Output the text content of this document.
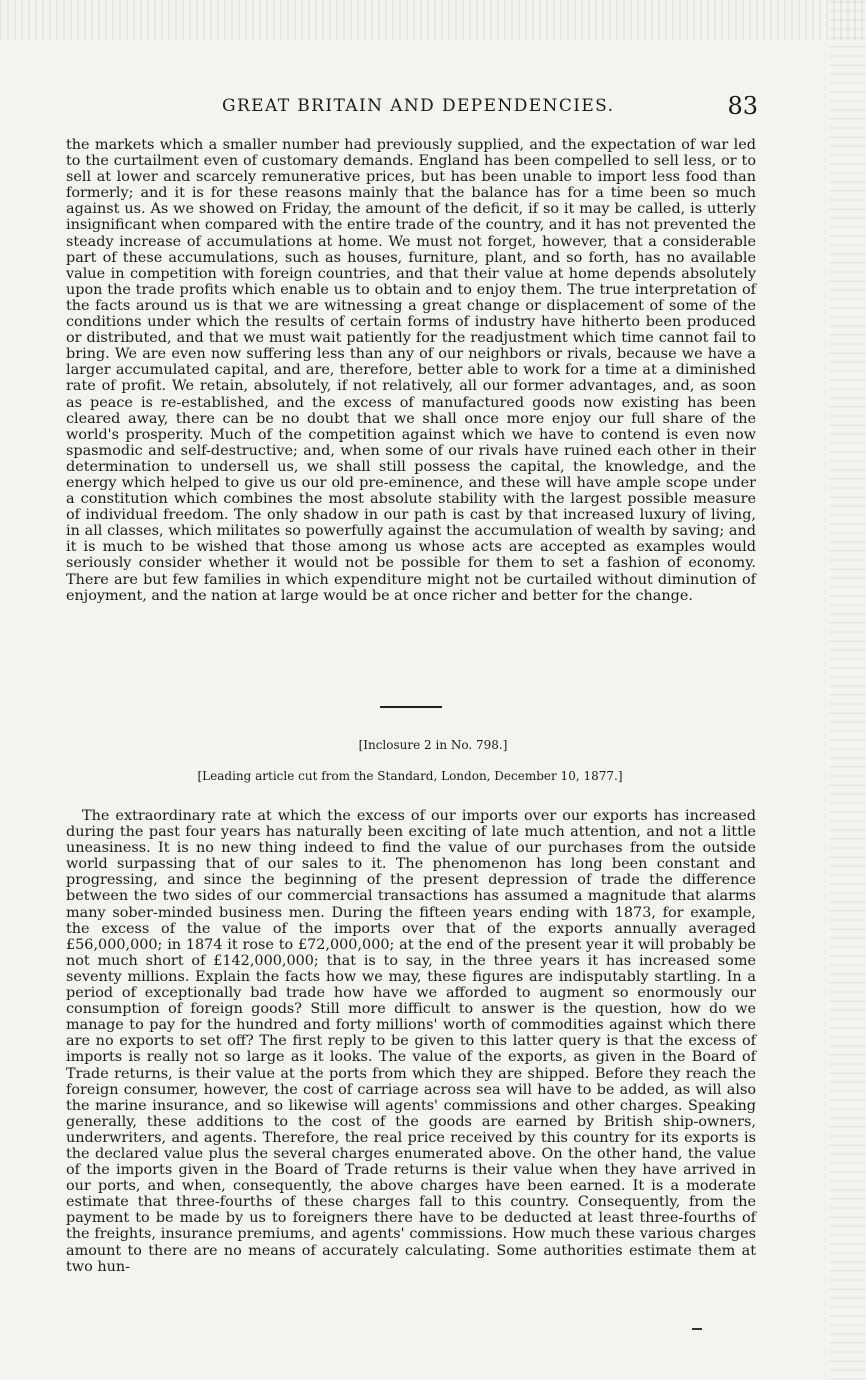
GREAT BRITAIN AND DEPENDENCIES.	83

the markets which a smaller number had previously supplied, and the expectation of war led to the curtailment even of customary demands. England has been compelled to sell less, or to sell at lower and scarcely remunerative prices, but has been unable to import less food than formerly; and it is for these reasons mainly that the balance has for a time been so much against us. As we showed on Friday, the amount of the deficit, if so it may be called, is utterly insignificant when compared with the entire trade of the country, and it has not prevented the steady increase of accumulations at home. We must not forget, however, that a considerable part of these accumulations, such as houses, furniture, plant, and so forth, has no available value in competition with foreign countries, and that their value at home depends absolutely upon the trade profits which enable us to obtain and to enjoy them. The true interpretation of the facts around us is that we are witnessing a great change or displacement of some of the conditions under which the results of certain forms of industry have hitherto been produced or distributed, and that we must wait patiently for the readjustment which time cannot fail to bring. We are even now suffering less than any of our neighbors or rivals, because we have a larger accumulated capital, and are, therefore, better able to work for a time at a diminished rate of profit. We retain, absolutely, if not relatively, all our former advantages, and, as soon as peace is re-established, and the excess of manufactured goods now existing has been cleared away, there can be no doubt that we shall once more enjoy our full share of the world's prosperity. Much of the competition against which we have to contend is even now spasmodic and self-destructive; and, when some of our rivals have ruined each other in their determination to undersell us, we shall still possess the capital, the knowledge, and the energy which helped to give us our old pre-eminence, and these will have ample scope under a constitution which combines the most absolute stability with the largest possible measure of individual freedom. The only shadow in our path is cast by that increased luxury of living, in all classes, which militates so powerfully against the accumulation of wealth by saving; and it is much to be wished that those among us whose acts are accepted as examples would seriously consider whether it would not be possible for them to set a fashion of economy. There are but few families in which expenditure might not be curtailed without diminution of enjoyment, and the nation at large would be at once richer and better for the change.

[Inclosure 2 in No. 798.]
[Leading article cut from the Standard, London, December 10, 1877.]

The extraordinary rate at which the excess of our imports over our exports has increased during the past four years has naturally been exciting of late much attention, and not a little uneasiness. It is no new thing indeed to find the value of our purchases from the outside world surpassing that of our sales to it. The phenomenon has long been constant and progressing, and since the beginning of the present depression of trade the difference between the two sides of our commercial transactions has assumed a magnitude that alarms many sober-minded business men. During the fifteen years ending with 1873, for example, the excess of the value of the imports over that of the exports annually averaged £56,000,000; in 1874 it rose to £72,000,000; at the end of the present year it will probably be not much short of £142,000,000; that is to say, in the three years it has increased some seventy millions. Explain the facts how we may, these figures are indisputably startling. In a period of exceptionally bad trade how have we afforded to augment so enormously our consumption of foreign goods? Still more difficult to answer is the question, how do we manage to pay for the hundred and forty millions' worth of commodities against which there are no exports to set off? The first reply to be given to this latter query is that the excess of imports is really not so large as it looks. The value of the exports, as given in the Board of Trade returns, is their value at the ports from which they are shipped. Before they reach the foreign consumer, however, the cost of carriage across sea will have to be added, as will also the marine insurance, and so likewise will agents' commissions and other charges. Speaking generally, these additions to the cost of the goods are earned by British ship-owners, underwriters, and agents. Therefore, the real price received by this country for its exports is the declared value plus the several charges enumerated above. On the other hand, the value of the imports given in the Board of Trade returns is their value when they have arrived in our ports, and when, consequently, the above charges have been earned. It is a moderate estimate that three-fourths of these charges fall to this country. Consequently, from the payment to be made by us to foreigners there have to be deducted at least three-fourths of the freights, insurance premiums, and agents' commissions. How much these various charges amount to there are no means of accurately calculating. Some authorities estimate them at two hun-
